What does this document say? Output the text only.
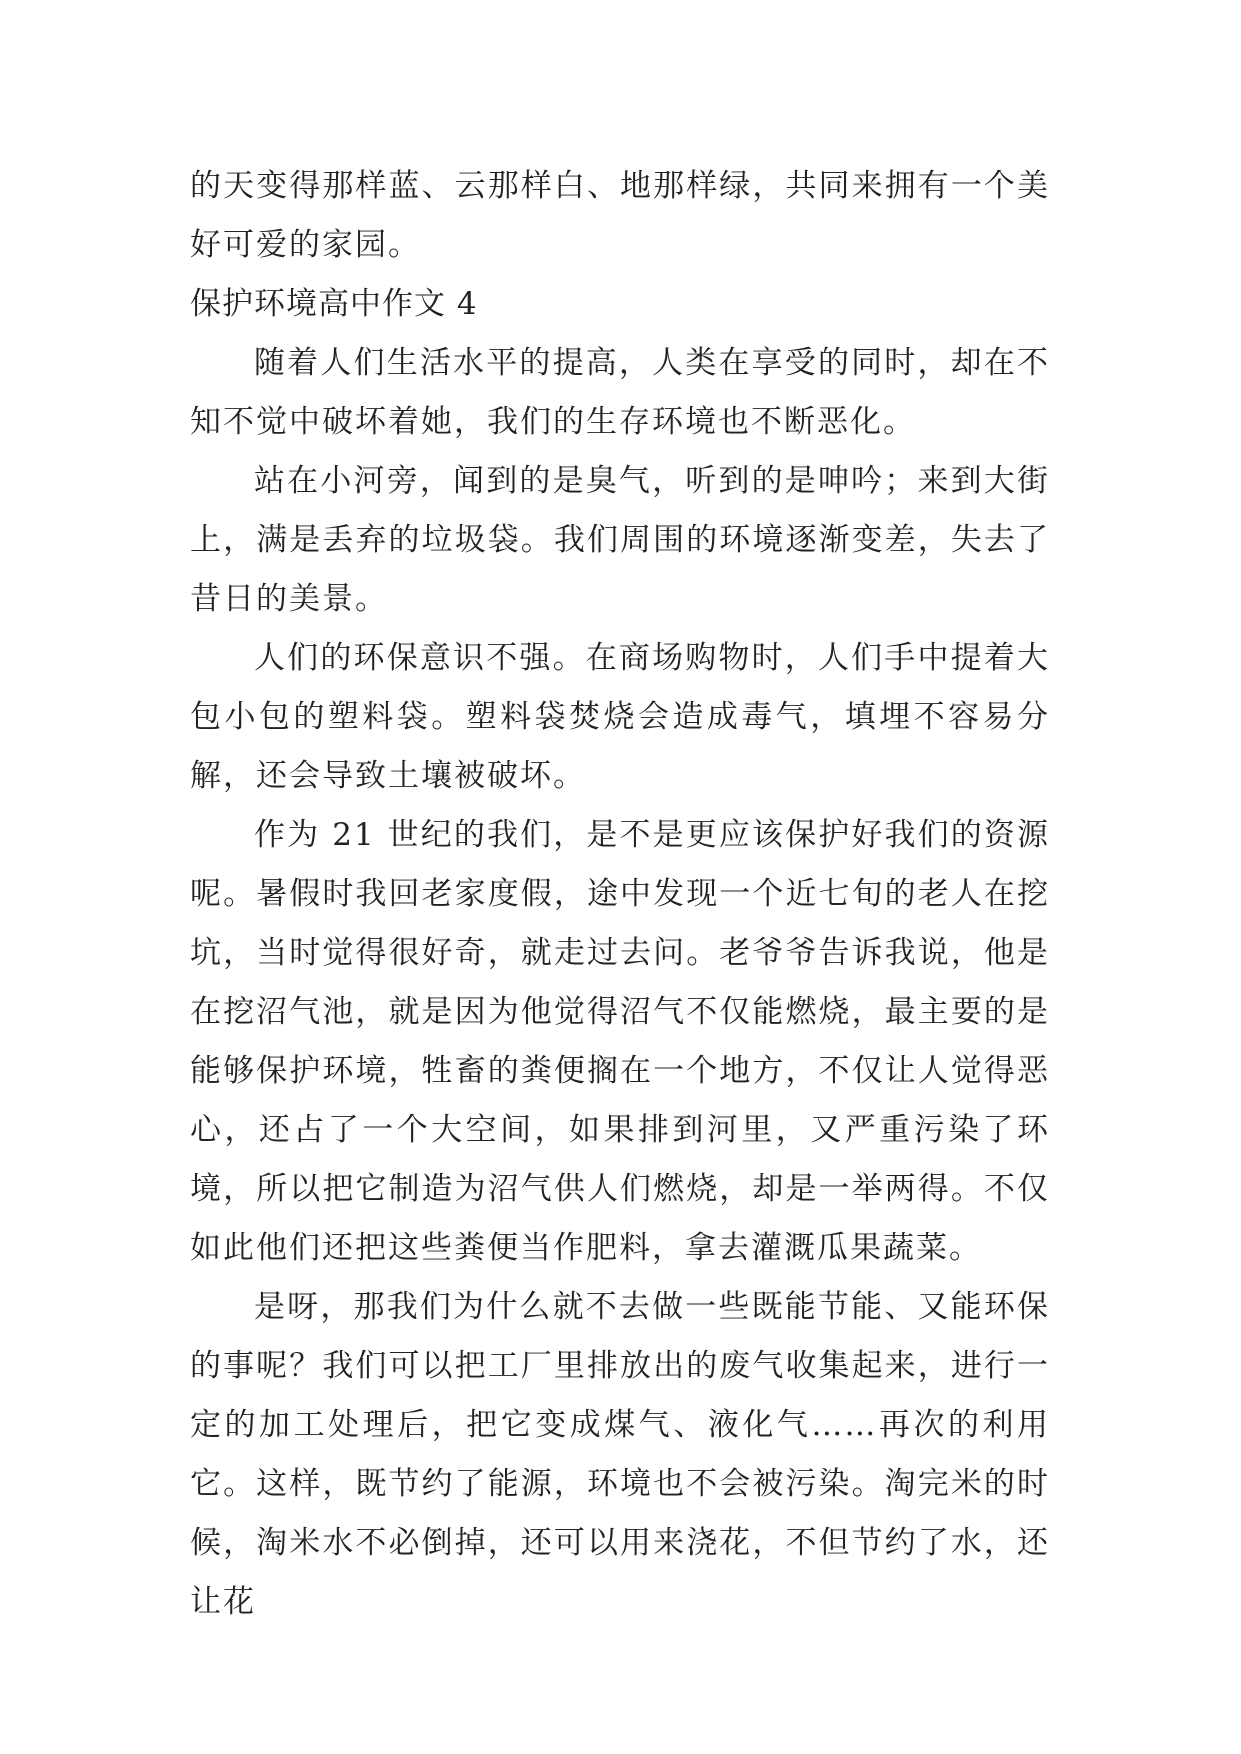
的天变得那样蓝、云那样白、地那样绿，共同来拥有一个美好可爱的家园。

保护环境高中作文 4

随着人们生活水平的提高，人类在享受的同时，却在不知不觉中破坏着她，我们的生存环境也不断恶化。

站在小河旁，闻到的是臭气，听到的是呻吟；来到大街上，满是丢弃的垃圾袋。我们周围的环境逐渐变差，失去了昔日的美景。

人们的环保意识不强。在商场购物时，人们手中提着大包小包的塑料袋。塑料袋焚烧会造成毒气，填埋不容易分解，还会导致土壤被破坏。

作为 21 世纪的我们，是不是更应该保护好我们的资源呢。暑假时我回老家度假，途中发现一个近七旬的老人在挖坑，当时觉得很好奇，就走过去问。老爷爷告诉我说，他是在挖沼气池，就是因为他觉得沼气不仅能燃烧，最主要的是能够保护环境，牲畜的粪便搁在一个地方，不仅让人觉得恶心，还占了一个大空间，如果排到河里，又严重污染了环境，所以把它制造为沼气供人们燃烧，却是一举两得。不仅如此他们还把这些粪便当作肥料，拿去灌溉瓜果蔬菜。

是呀，那我们为什么就不去做一些既能节能、又能环保的事呢？我们可以把工厂里排放出的废气收集起来，进行一定的加工处理后，把它变成煤气、液化气……再次的利用它。这样，既节约了能源，环境也不会被污染。淘完米的时候，淘米水不必倒掉，还可以用来浇花，不但节约了水，还让花
